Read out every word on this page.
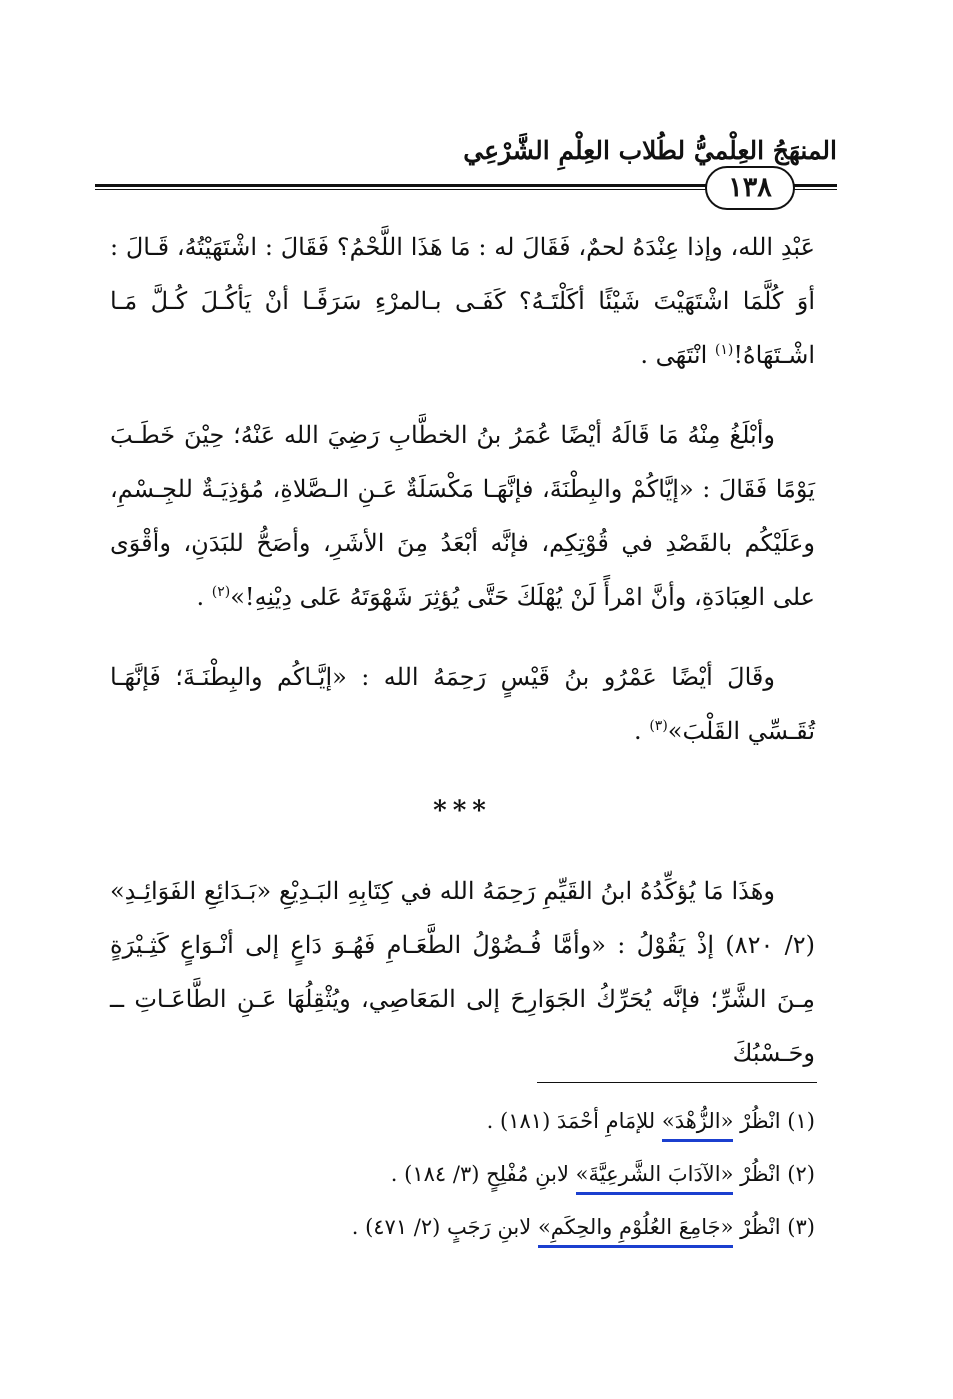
المنهَجُ العِلْميُّ لطُلاب العِلْمِ الشَّرْعِي
١٣٨

عَبْدِ الله، وإذا عِنْدَهُ لحمٌ، فَقَالَ له : مَا هَذَا اللَّحْمُ؟ فَقَالَ : اشْتَهَيْتُهُ، قَـالَ : أوَ كُلَّمَا اشْتَهَيْتَ شَيْئًا أكَلْتَـهُ؟ كَفَـى بـالمرْءِ سَرَفًـا أنْ يَأكُـلَ كُـلَّ مَـا اشْـتَهَاهُ!$^{(١)}$ انْتَهَى .

وأبْلَغُ مِنْهُ مَا قَالَهُ أيْضًا عُمَرُ بنُ الخطَّابِ رَضِيَ الله عَنْهُ؛ حِيْنَ خَطَـبَ يَوْمًا فَقَالَ : «إيَّاكُمْ والبِطْنَةَ، فإنَّهَـا مَكْسَلَةٌ عَـنِ الـصَّلاةِ، مُؤذِيَـةٌ للجِـسْمِ، وعَلَيْكُم بالقَصْدِ في قُوْتِكِم، فإنَّه أبْعَدُ مِنَ الأشَرِ، وأصَحُّ للبَدَنِ، وأقْوَى على العِبَادَةِ، وأنَّ امْرأً لَنْ يُهْلَكَ حَتَّى يُؤثِرَ شَهْوَتَهُ عَلى دِيْنِهِ!»$^{(٢)}$ .

وقَالَ أيْضًا عَمْرُو بنُ قَيْسٍ رَحِمَهُ الله : «إيَّـاكُم والبِطْنَـةَ؛ فَإنَّهَـا تُقَـسِّي القَلْبَ»$^{(٣)}$ .

***

وهَذَا مَا يُؤكِّدُهُ ابنُ القَيِّمِ رَحِمَهُ الله في كِتَابِهِ البَـدِيْعِ «بَـدَائِعِ الفَوَائِـدِ» (٢/ ٨٢٠) إذْ يَقُوْلُ : «وأمَّا فُـضُوْلُ الطَّعَـامِ فَهُـوَ دَاعٍ إلى أنْـوَاعٍ كَثِـيْرَةٍ مِـنَ الشَّرِّ؛ فإنَّه يُحَرِّكُ الجَوَارِحَ إلى المَعَاصِي، ويُثْقِلُهَا عَـنِ الطَّاعَـاتِ ــ وحَـسْبُكَ

(١) انْظُرْ «الزُّهْدَ» للإمَامِ أحْمَدَ (١٨١) .
(٢) انْظُرْ «الآدَابَ الشَّرعِيَّةَ» لابنِ مُفْلِحٍ (٣/ ١٨٤) .
(٣) انْظُرْ «جَامِعَ العُلُوْمِ والحِكَمِ» لابنِ رَجَبٍ (٢/ ٤٧١) .
